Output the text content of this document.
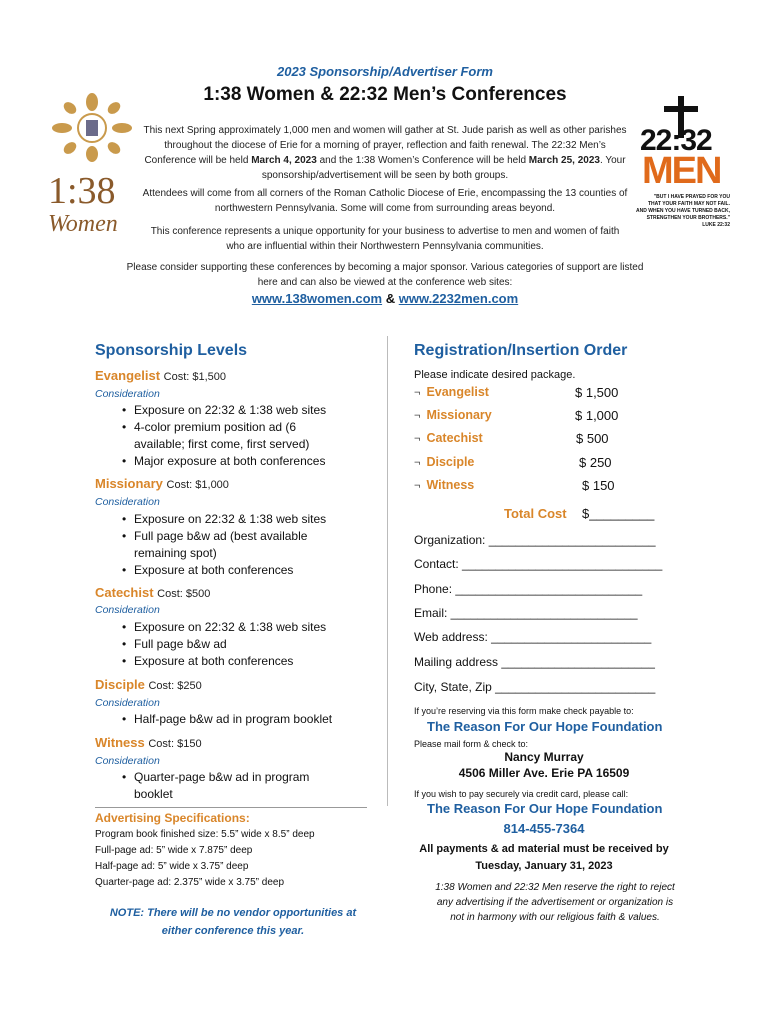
2023 Sponsorship/Advertiser Form
1:38 Women & 22:32 Men’s Conferences
1:38
Women
22:32
MEN
"BUT I HAVE PRAYED FOR YOU
THAT YOUR FAITH MAY NOT FAIL.
AND WHEN YOU HAVE TURNED BACK,
STRENGTHEN YOUR BROTHERS."
LUKE 22:32
This next Spring approximately 1,000 men and women will gather at St. Jude parish as well as other parishes throughout the diocese of Erie for a morning of prayer, reflection and faith renewal. The 22:32 Men’s Conference will be held March 4, 2023 and the 1:38 Women’s Conference will be held March 25, 2023. Your sponsorship/advertisement will be seen by both groups.
Attendees will come from all corners of the Roman Catholic Diocese of Erie, encompassing the 13 counties of northwestern Pennsylvania. Some will come from surrounding areas beyond.
This conference represents a unique opportunity for your business to advertise to men and women of faith who are influential within their Northwestern Pennsylvania communities.
Please consider supporting these conferences by becoming a major sponsor. Various categories of support are listed here and can also be viewed at the conference web sites:
www.138women.com & www.2232men.com
Sponsorship Levels
Evangelist Cost: $1,500
Consideration
• Exposure on 22:32 & 1:38 web sites
• 4-color premium position ad (6
available; first come, first served)
• Major exposure at both conferences
Missionary Cost: $1,000
Consideration
• Exposure on 22:32 & 1:38 web sites
• Full page b&w ad (best available
remaining spot)
• Exposure at both conferences
Catechist Cost: $500
Consideration
• Exposure on 22:32 & 1:38 web sites
• Full page b&w ad
• Exposure at both conferences
Disciple Cost: $250
Consideration
• Half-page b&w ad in program booklet
Witness Cost: $150
Consideration
• Quarter-page b&w ad in program
booklet
Advertising Specifications:
Program book finished size: 5.5” wide x 8.5” deep
Full-page ad: 5” wide x 7.875” deep
Half-page ad: 5” wide x 3.75” deep
Quarter-page ad: 2.375” wide x 3.75” deep
NOTE: There will be no vendor opportunities at either conference this year.
Registration/Insertion Order
Please indicate desired package.
¬ Evangelist	$ 1,500
¬ Missionary	$ 1,000
¬ Catechist	$ 500
¬ Disciple	$ 250
¬ Witness	$ 150
Total Cost $_________
Organization: _________________________
Contact: ______________________________
Phone: ____________________________
Email: ____________________________
Web address: ________________________
Mailing address _______________________
City, State, Zip ________________________
If you’re reserving via this form make check payable to:
The Reason For Our Hope Foundation
Please mail form & check to:
Nancy Murray
4506 Miller Ave. Erie PA 16509
If you wish to pay securely via credit card, please call:
The Reason For Our Hope Foundation
814-455-7364
All payments & ad material must be received by
Tuesday, January 31, 2023
1:38 Women and 22:32 Men reserve the right to reject any advertising if the advertisement or organization is not in harmony with our religious faith & values.
